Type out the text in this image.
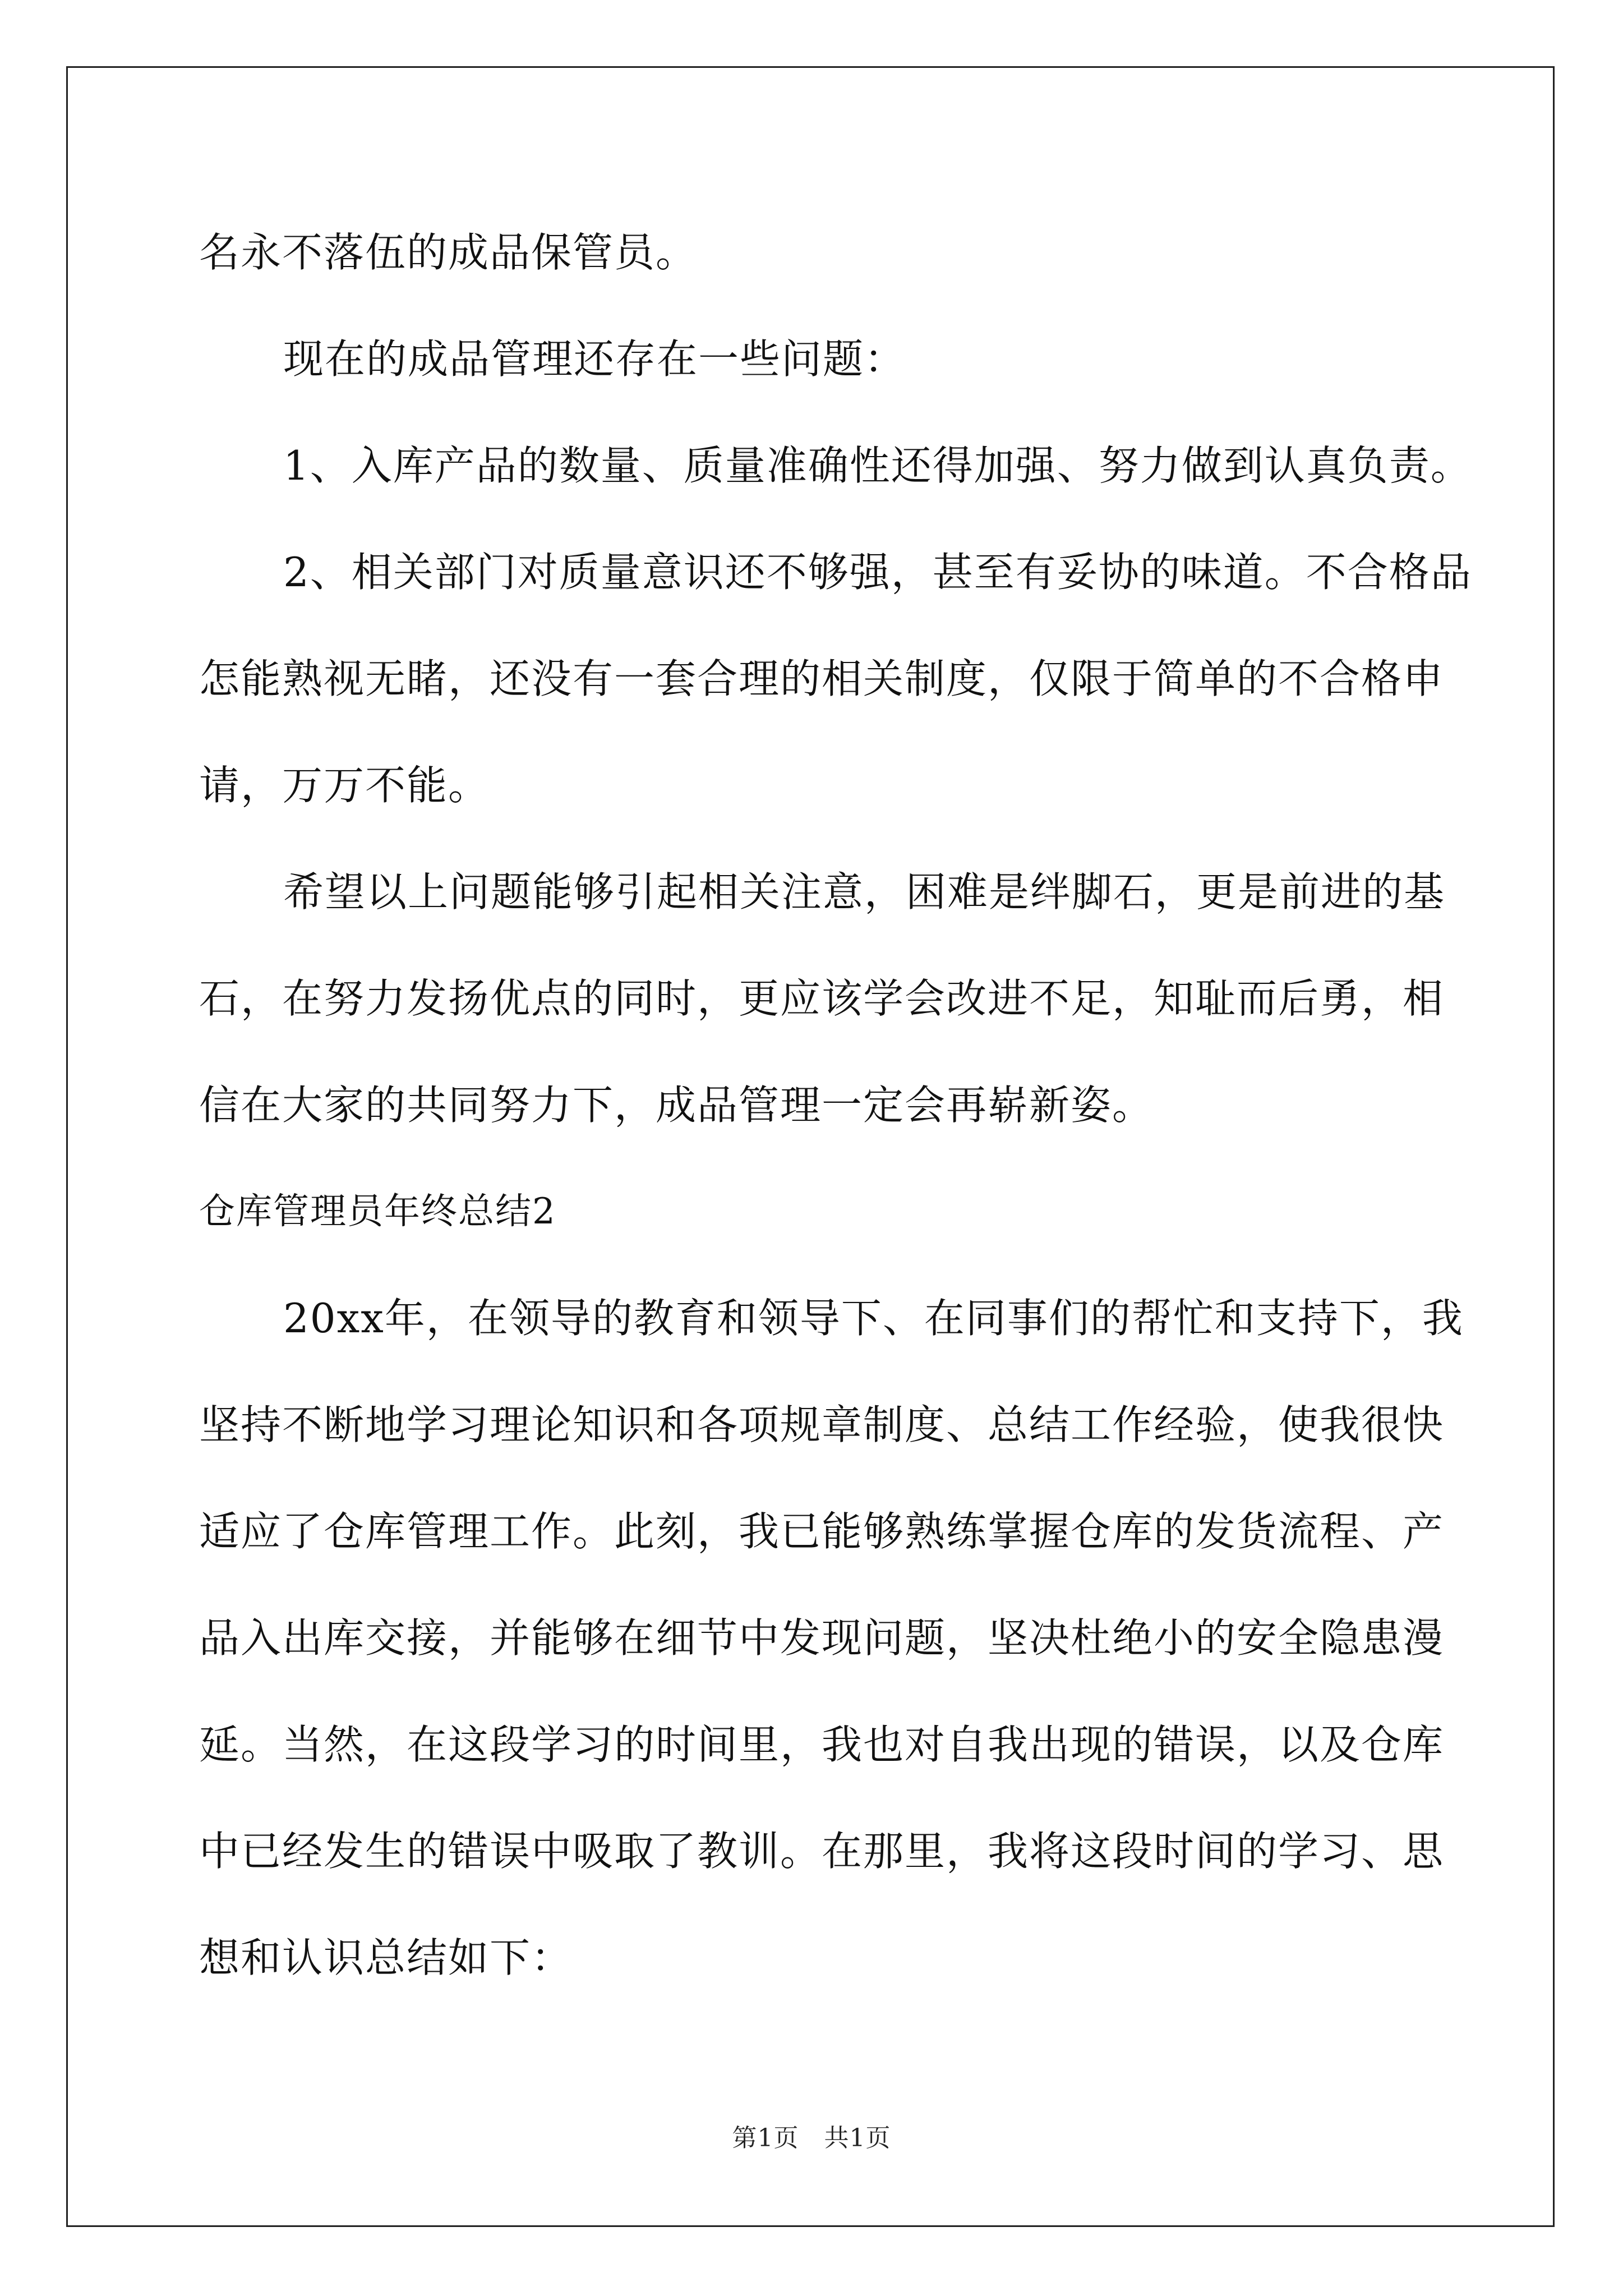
名永不落伍的成品保管员。
现在的成品管理还存在一些问题：
1、入库产品的数量、质量准确性还得加强、努力做到认真负责。
2、相关部门对质量意识还不够强，甚至有妥协的味道。不合格品
怎能熟视无睹，还没有一套合理的相关制度，仅限于简单的不合格申
请，万万不能。
希望以上问题能够引起相关注意，困难是绊脚石，更是前进的基
石，在努力发扬优点的同时，更应该学会改进不足，知耻而后勇，相
信在大家的共同努力下，成品管理一定会再崭新姿。
仓库管理员年终总结2
20xx年，在领导的教育和领导下、在同事们的帮忙和支持下，我
坚持不断地学习理论知识和各项规章制度、总结工作经验，使我很快
适应了仓库管理工作。此刻，我已能够熟练掌握仓库的发货流程、产
品入出库交接，并能够在细节中发现问题，坚决杜绝小的安全隐患漫
延。当然，在这段学习的时间里，我也对自我出现的错误，以及仓库
中已经发生的错误中吸取了教训。在那里，我将这段时间的学习、思
想和认识总结如下：
第1页　共1页
